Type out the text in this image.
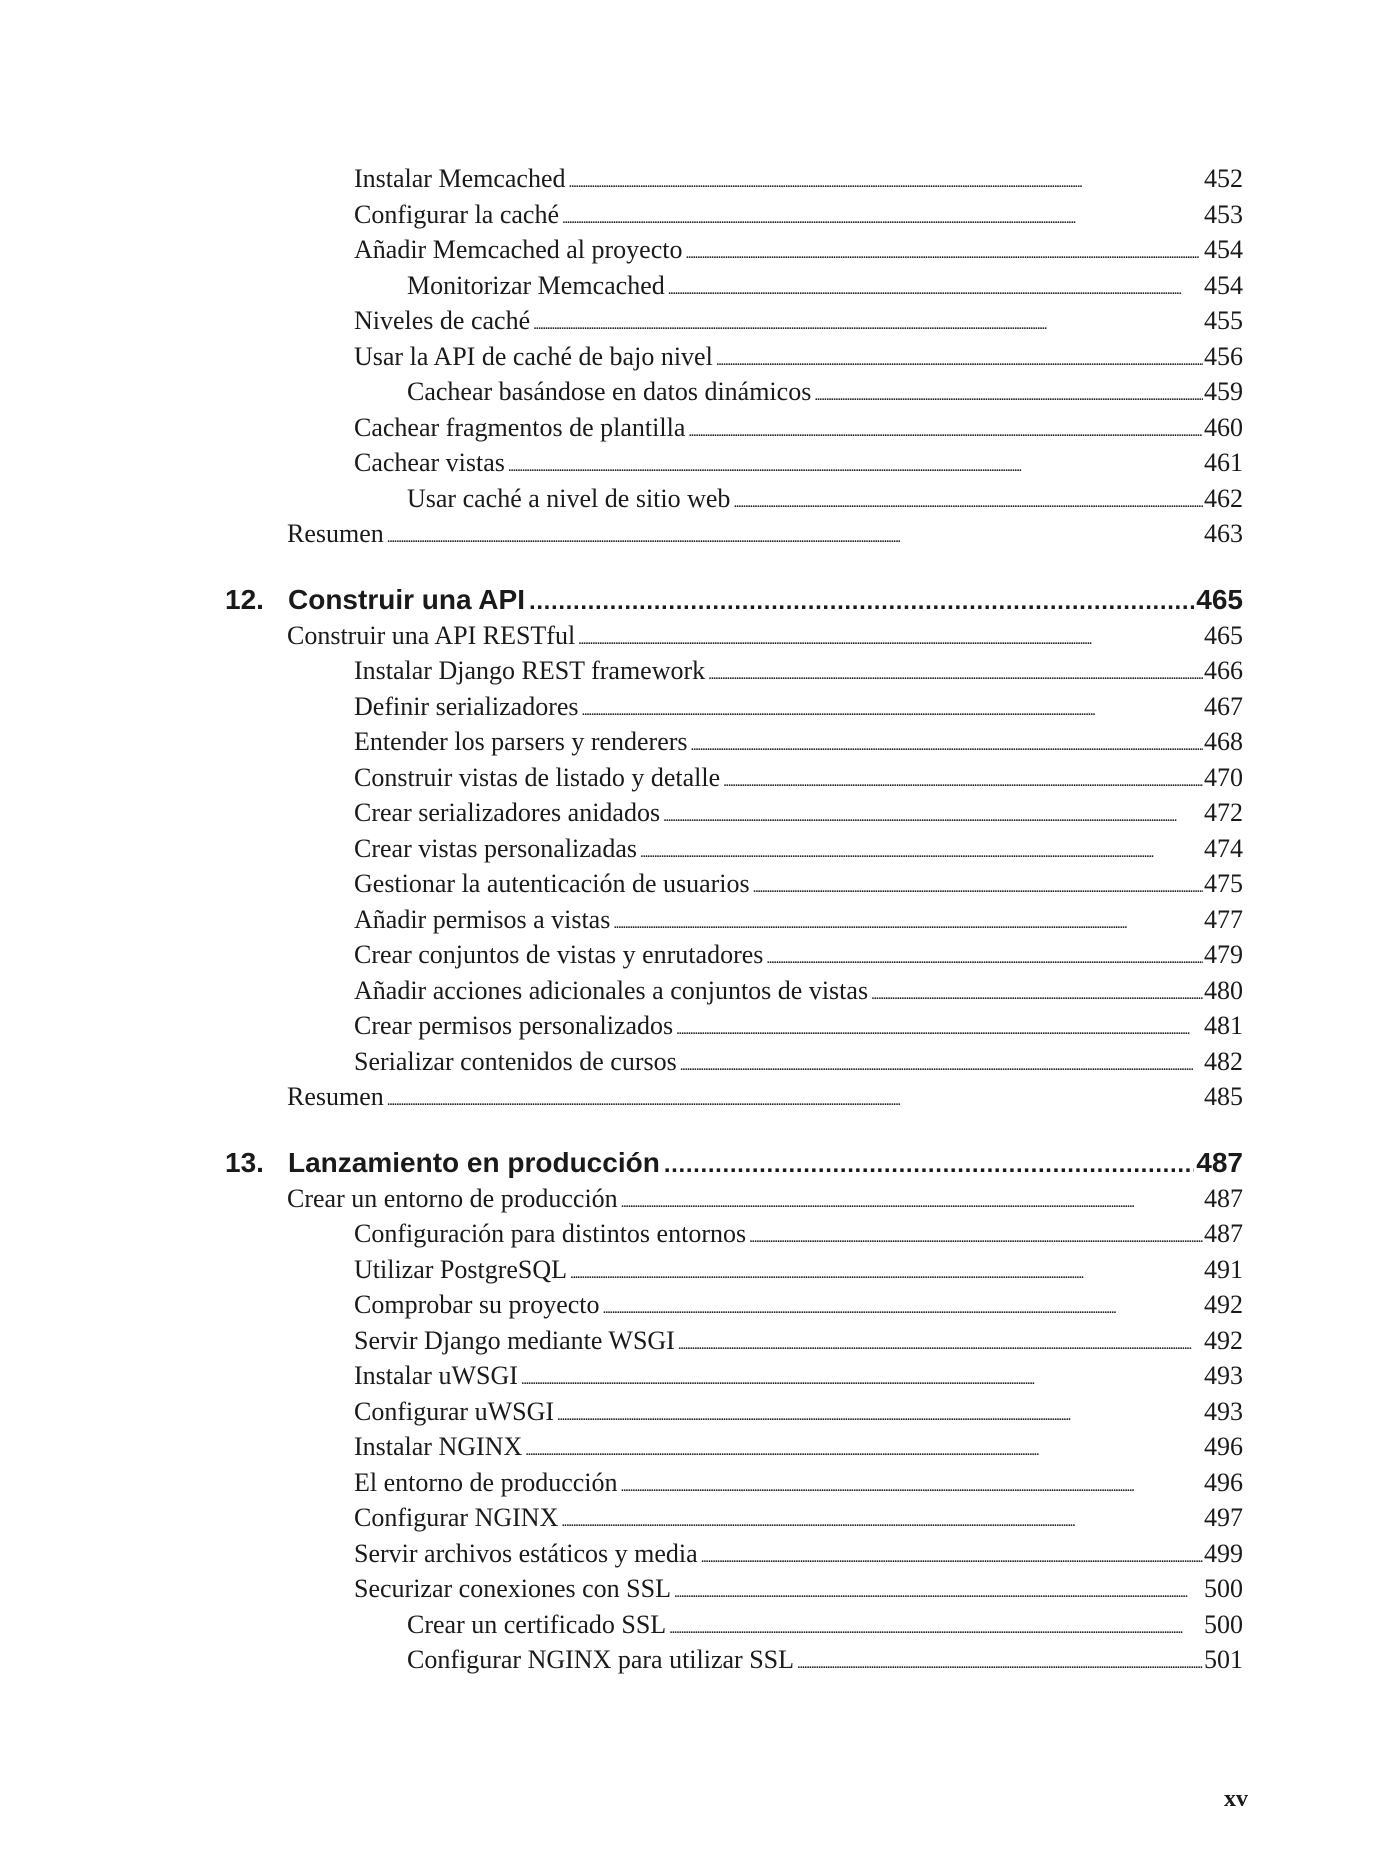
Instalar Memcached . . .	452
Configurar la caché . . .	453
Añadir Memcached al proyecto . . .	454
Monitorizar Memcached . . .	454
Niveles de caché . . .	455
Usar la API de caché de bajo nivel . . .	456
Cachear basándose en datos dinámicos . . .	459
Cachear fragmentos de plantilla . . .	460
Cachear vistas . . .	461
Usar caché a nivel de sitio web . . .	462
Resumen . . .	463
12. Construir una API . . .	465
Construir una API RESTful . . .	465
Instalar Django REST framework . . .	466
Definir serializadores . . .	467
Entender los parsers y renderers . . .	468
Construir vistas de listado y detalle . . .	470
Crear serializadores anidados . . .	472
Crear vistas personalizadas . . .	474
Gestionar la autenticación de usuarios . . .	475
Añadir permisos a vistas . . .	477
Crear conjuntos de vistas y enrutadores . . .	479
Añadir acciones adicionales a conjuntos de vistas . . .	480
Crear permisos personalizados . . .	481
Serializar contenidos de cursos . . .	482
Resumen . . .	485
13. Lanzamiento en producción . . .	487
Crear un entorno de producción . . .	487
Configuración para distintos entornos . . .	487
Utilizar PostgreSQL . . .	491
Comprobar su proyecto . . .	492
Servir Django mediante WSGI . . .	492
Instalar uWSGI . . .	493
Configurar uWSGI . . .	493
Instalar NGINX . . .	496
El entorno de producción . . .	496
Configurar NGINX . . .	497
Servir archivos estáticos y media . . .	499
Securizar conexiones con SSL . . .	500
Crear un certificado SSL . . .	500
Configurar NGINX para utilizar SSL . . .	501
xv
